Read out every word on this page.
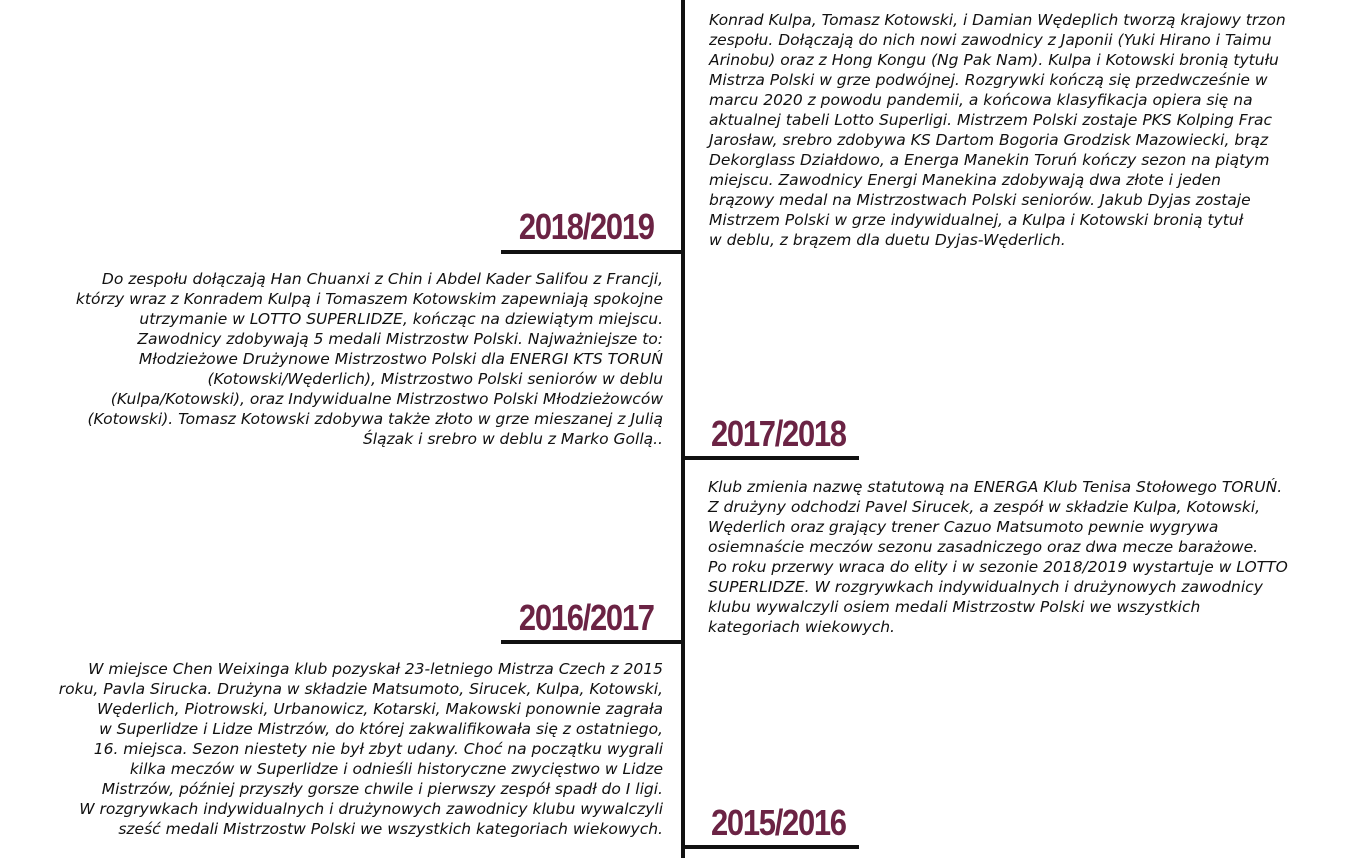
Konrad Kulpa, Tomasz Kotowski, i Damian Wędерlich tworzą krajowy trzon
zespołu. Dołączają do nich nowi zawodnicy z Japonii (Yuki Hirano i Taimu
Arinobu) oraz z Hong Kongu (Ng Pak Nam). Kulpa i Kotowski bronią tytułu
Mistrza Polski w grze podwójnej. Rozgrywki kończą się przedwcześnie w
marcu 2020 z powodu pandemii, a końcowa klasyfikacja opiera się na
aktualnej tabeli Lotto Superligi. Mistrzem Polski zostaje PKS Kolping Frac
Jarosław, srebro zdobywa KS Dartom Bogoria Grodzisk Mazowiecki, brąz
Dekorglass Działdowo, a Energa Manekin Toruń kończy sezon na piątym
miejscu. Zawodnicy Energi Manekina zdobywają dwa złote i jeden
brązowy medal na Mistrzostwach Polski seniorów. Jakub Dyjas zostaje
Mistrzem Polski w grze indywidualnej, a Kulpa i Kotowski bronią tytuł
w deblu, z brązem dla duetu Dyjas-Wędеrlich.

2018/2019

Do zespołu dołączają Han Chuanxi z Chin i Abdel Kader Salifou z Francji,
którzy wraz z Konradem Kulpą i Tomaszem Kotowskim zapewniają spokojne
utrzymanie w LOTTO SUPERLIDZE, kończąc na dziewiątym miejscu.
Zawodnicy zdobywają 5 medali Mistrzostw Polski. Najważniejsze to:
Młodzieżowe Drużynowe Mistrzostwo Polski dla ENERGI KTS TORUŃ
(Kotowski/Wędеrlich), Mistrzostwo Polski seniorów w deblu
(Kulpa/Kotowski), oraz Indywidualne Mistrzostwo Polski Młodzieżowców
(Kotowski). Tomasz Kotowski zdobywa także złoto w grze mieszanej z Julią
Ślązak i srebro w deblu z Marko Gollą.. 2017/2018

Klub zmienia nazwę statutową na ENERGA Klub Tenisa Stołowego TORUŃ.
Z drużyny odchodzi Pavel Sirucek, a zespół w składzie Kulpa, Kotowski,
Wędеrlich oraz grający trener Cazuo Matsumoto pewnie wygrywa
osiemnaście meczów sezonu zasadniczego oraz dwa mecze barażowe.
Po roku przerwy wraca do elity i w sezonie 2018/2019 wystartuje w LOTTO
SUPERLIDZE. W rozgrywkach indywidualnych i drużynowych zawodnicy
klubu wywalczyli osiem medali Mistrzostw Polski we wszystkich
kategoriach wiekowych.

2016/2017

W miejsce Chen Weixinga klub pozyskał 23-letniego Mistrza Czech z 2015
roku, Pavla Sirucka. Drużyna w składzie Matsumoto, Sirucek, Kulpa, Kotowski,
Wędеrlich, Piotrowski, Urbanowicz, Kotarski, Makowski ponownie zagrała
w Superlidze i Lidze Mistrzów, do której zakwalifikowała się z ostatniego,
16. miejsca. Sezon niestety nie był zbyt udany. Choć na początku wygrali
kilka meczów w Superlidze i odnieśli historyczne zwycięstwo w Lidze
Mistrzów, później przyszły gorsze chwile i pierwszy zespół spadł do I ligi.
W rozgrywkach indywidualnych i drużynowych zawodnicy klubu wywalczyli
sześć medali Mistrzostw Polski we wszystkich kategoriach wiekowych. 2015/2016
